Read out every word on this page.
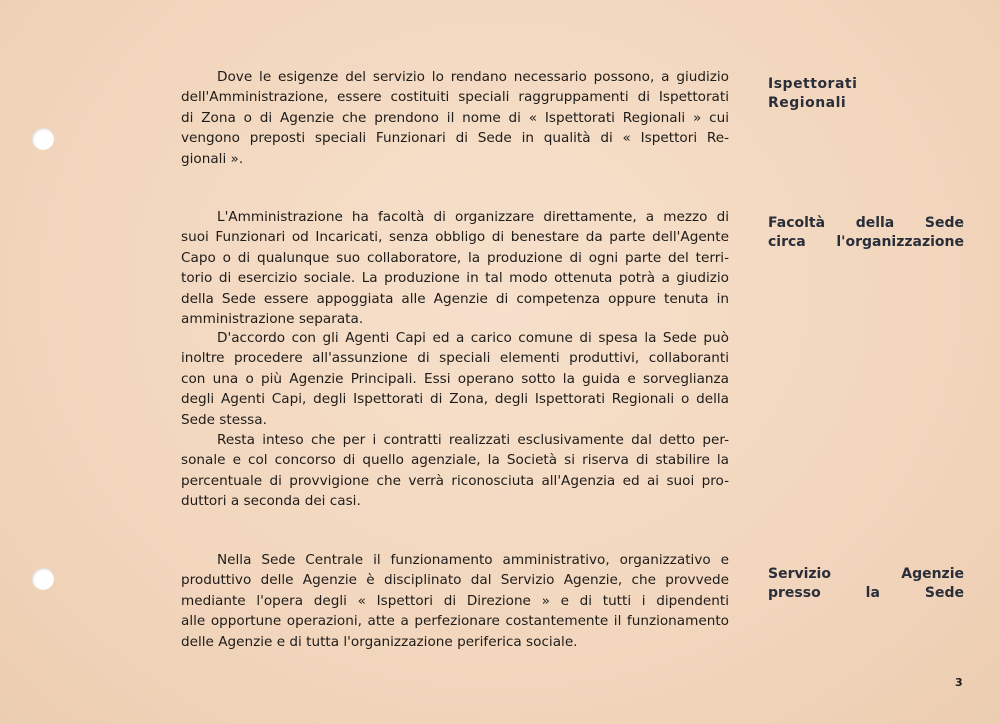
Dove le esigenze del servizio lo rendano necessario possono, a giudizio
dell'Amministrazione, essere costituiti speciali raggruppamenti di Ispettorati
di Zona o di Agenzie che prendono il nome di « Ispettorati Regionali » cui
vengono preposti speciali Funzionari di Sede in qualità di « Ispettori Re-
gionali ».
L'Amministrazione ha facoltà di organizzare direttamente, a mezzo di
suoi Funzionari od Incaricati, senza obbligo di benestare da parte dell'Agente
Capo o di qualunque suo collaboratore, la produzione di ogni parte del terri-
torio di esercizio sociale. La produzione in tal modo ottenuta potrà a giudizio
della Sede essere appoggiata alle Agenzie di competenza oppure tenuta in
amministrazione separata.
D'accordo con gli Agenti Capi ed a carico comune di spesa la Sede può
inoltre procedere all'assunzione di speciali elementi produttivi, collaboranti
con una o più Agenzie Principali. Essi operano sotto la guida e sorveglianza
degli Agenti Capi, degli Ispettorati di Zona, degli Ispettorati Regionali o della
Sede stessa.
Resta inteso che per i contratti realizzati esclusivamente dal detto per-
sonale e col concorso di quello agenziale, la Società si riserva di stabilire la
percentuale di provvigione che verrà riconosciuta all'Agenzia ed ai suoi pro-
duttori a seconda dei casi.
Nella Sede Centrale il funzionamento amministrativo, organizzativo e
produttivo delle Agenzie è disciplinato dal Servizio Agenzie, che provvede
mediante l'opera degli « Ispettori di Direzione » e di tutti i dipendenti
alle opportune operazioni, atte a perfezionare costantemente il funzionamento
delle Agenzie e di tutta l'organizzazione periferica sociale.
Ispettorati
Regionali
Facoltà della Sede
circa l'organizzazione
Servizio Agenzie
presso la Sede
3
